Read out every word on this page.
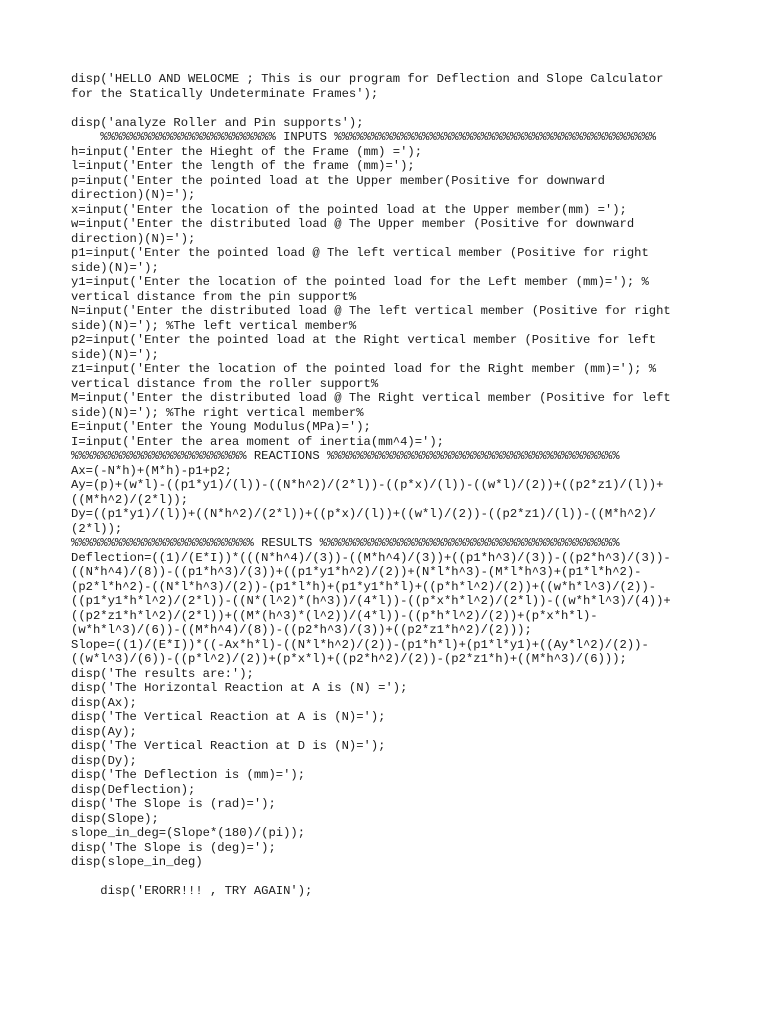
disp('HELLO AND WELOCME ; This is our program for Deflection and Slope Calculator
for the Statically Undeterminate Frames');
disp('analyze Roller and Pin supports');
%%%%%%%%%%%%%%%%%%%%%%%% INPUTS %%%%%%%%%%%%%%%%%%%%%%%%%%%%%%%%%%%%%%%%%%%%
h=input('Enter the Hieght of the Frame (mm) =');
l=input('Enter the length of the frame (mm)=');
p=input('Enter the pointed load at the Upper member(Positive for downward
direction)(N)=');
x=input('Enter the location of the pointed load at the Upper member(mm) =');
w=input('Enter the distributed load @ The Upper member (Positive for downward
direction)(N)=');
p1=input('Enter the pointed load @ The left vertical member (Positive for right
side)(N)=');
y1=input('Enter the location of the pointed load for the Left member (mm)='); %
vertical distance from the pin support%
N=input('Enter the distributed load @ The left vertical member (Positive for right
side)(N)='); %The left vertical member%
p2=input('Enter the pointed load at the Right vertical member (Positive for left
side)(N)=');
z1=input('Enter the location of the pointed load for the Right member (mm)='); %
vertical distance from the roller support%
M=input('Enter the distributed load @ The Right vertical member (Positive for left
side)(N)='); %The right vertical member%
E=input('Enter the Young Modulus(MPa)=');
I=input('Enter the area moment of inertia(mm^4)=');
%%%%%%%%%%%%%%%%%%%%%%%% REACTIONS %%%%%%%%%%%%%%%%%%%%%%%%%%%%%%%%%%%%%%%%
Ax=(-N*h)+(M*h)-p1+p2;
Ay=(p)+(w*l)-((p1*y1)/(l))-((N*h^2)/(2*l))-((p*x)/(l))-((w*l)/(2))+((p2*z1)/(l))+
((M*h^2)/(2*l));
Dy=((p1*y1)/(l))+((N*h^2)/(2*l))+((p*x)/(l))+((w*l)/(2))-((p2*z1)/(l))-((M*h^2)/
(2*l));
%%%%%%%%%%%%%%%%%%%%%%%%% RESULTS %%%%%%%%%%%%%%%%%%%%%%%%%%%%%%%%%%%%%%%%%
Deflection=((1)/(E*I))*(((N*h^4)/(3))-((M*h^4)/(3))+((p1*h^3)/(3))-((p2*h^3)/(3))-
((N*h^4)/(8))-((p1*h^3)/(3))+((p1*y1*h^2)/(2))+(N*l*h^3)-(M*l*h^3)+(p1*l*h^2)-
(p2*l*h^2)-((N*l*h^3)/(2))-(p1*l*h)+(p1*y1*h*l)+((p*h*l^2)/(2))+((w*h*l^3)/(2))-
((p1*y1*h*l^2)/(2*l))-((N*(l^2)*(h^3))/(4*l))-((p*x*h*l^2)/(2*l))-((w*h*l^3)/(4))+
((p2*z1*h*l^2)/(2*l))+((M*(h^3)*(l^2))/(4*l))-((p*h*l^2)/(2))+(p*x*h*l)-
(w*h*l^3)/(6))-((M*h^4)/(8))-((p2*h^3)/(3))+((p2*z1*h^2)/(2)));
Slope=((1)/(E*I))*((-Ax*h*l)-((N*l*h^2)/(2))-(p1*h*l)+(p1*l*y1)+((Ay*l^2)/(2))-
((w*l^3)/(6))-((p*l^2)/(2))+(p*x*l)+((p2*h^2)/(2))-(p2*z1*h)+((M*h^3)/(6)));
disp('The results are:');
disp('The Horizontal Reaction at A is (N) =');
disp(Ax);
disp('The Vertical Reaction at A is (N)=');
disp(Ay);
disp('The Vertical Reaction at D is (N)=');
disp(Dy);
disp('The Deflection is (mm)=');
disp(Deflection);
disp('The Slope is (rad)=');
disp(Slope);
slope_in_deg=(Slope*(180)/(pi));
disp('The Slope is (deg)=');
disp(slope_in_deg)
disp('ERORR!!! , TRY AGAIN');
